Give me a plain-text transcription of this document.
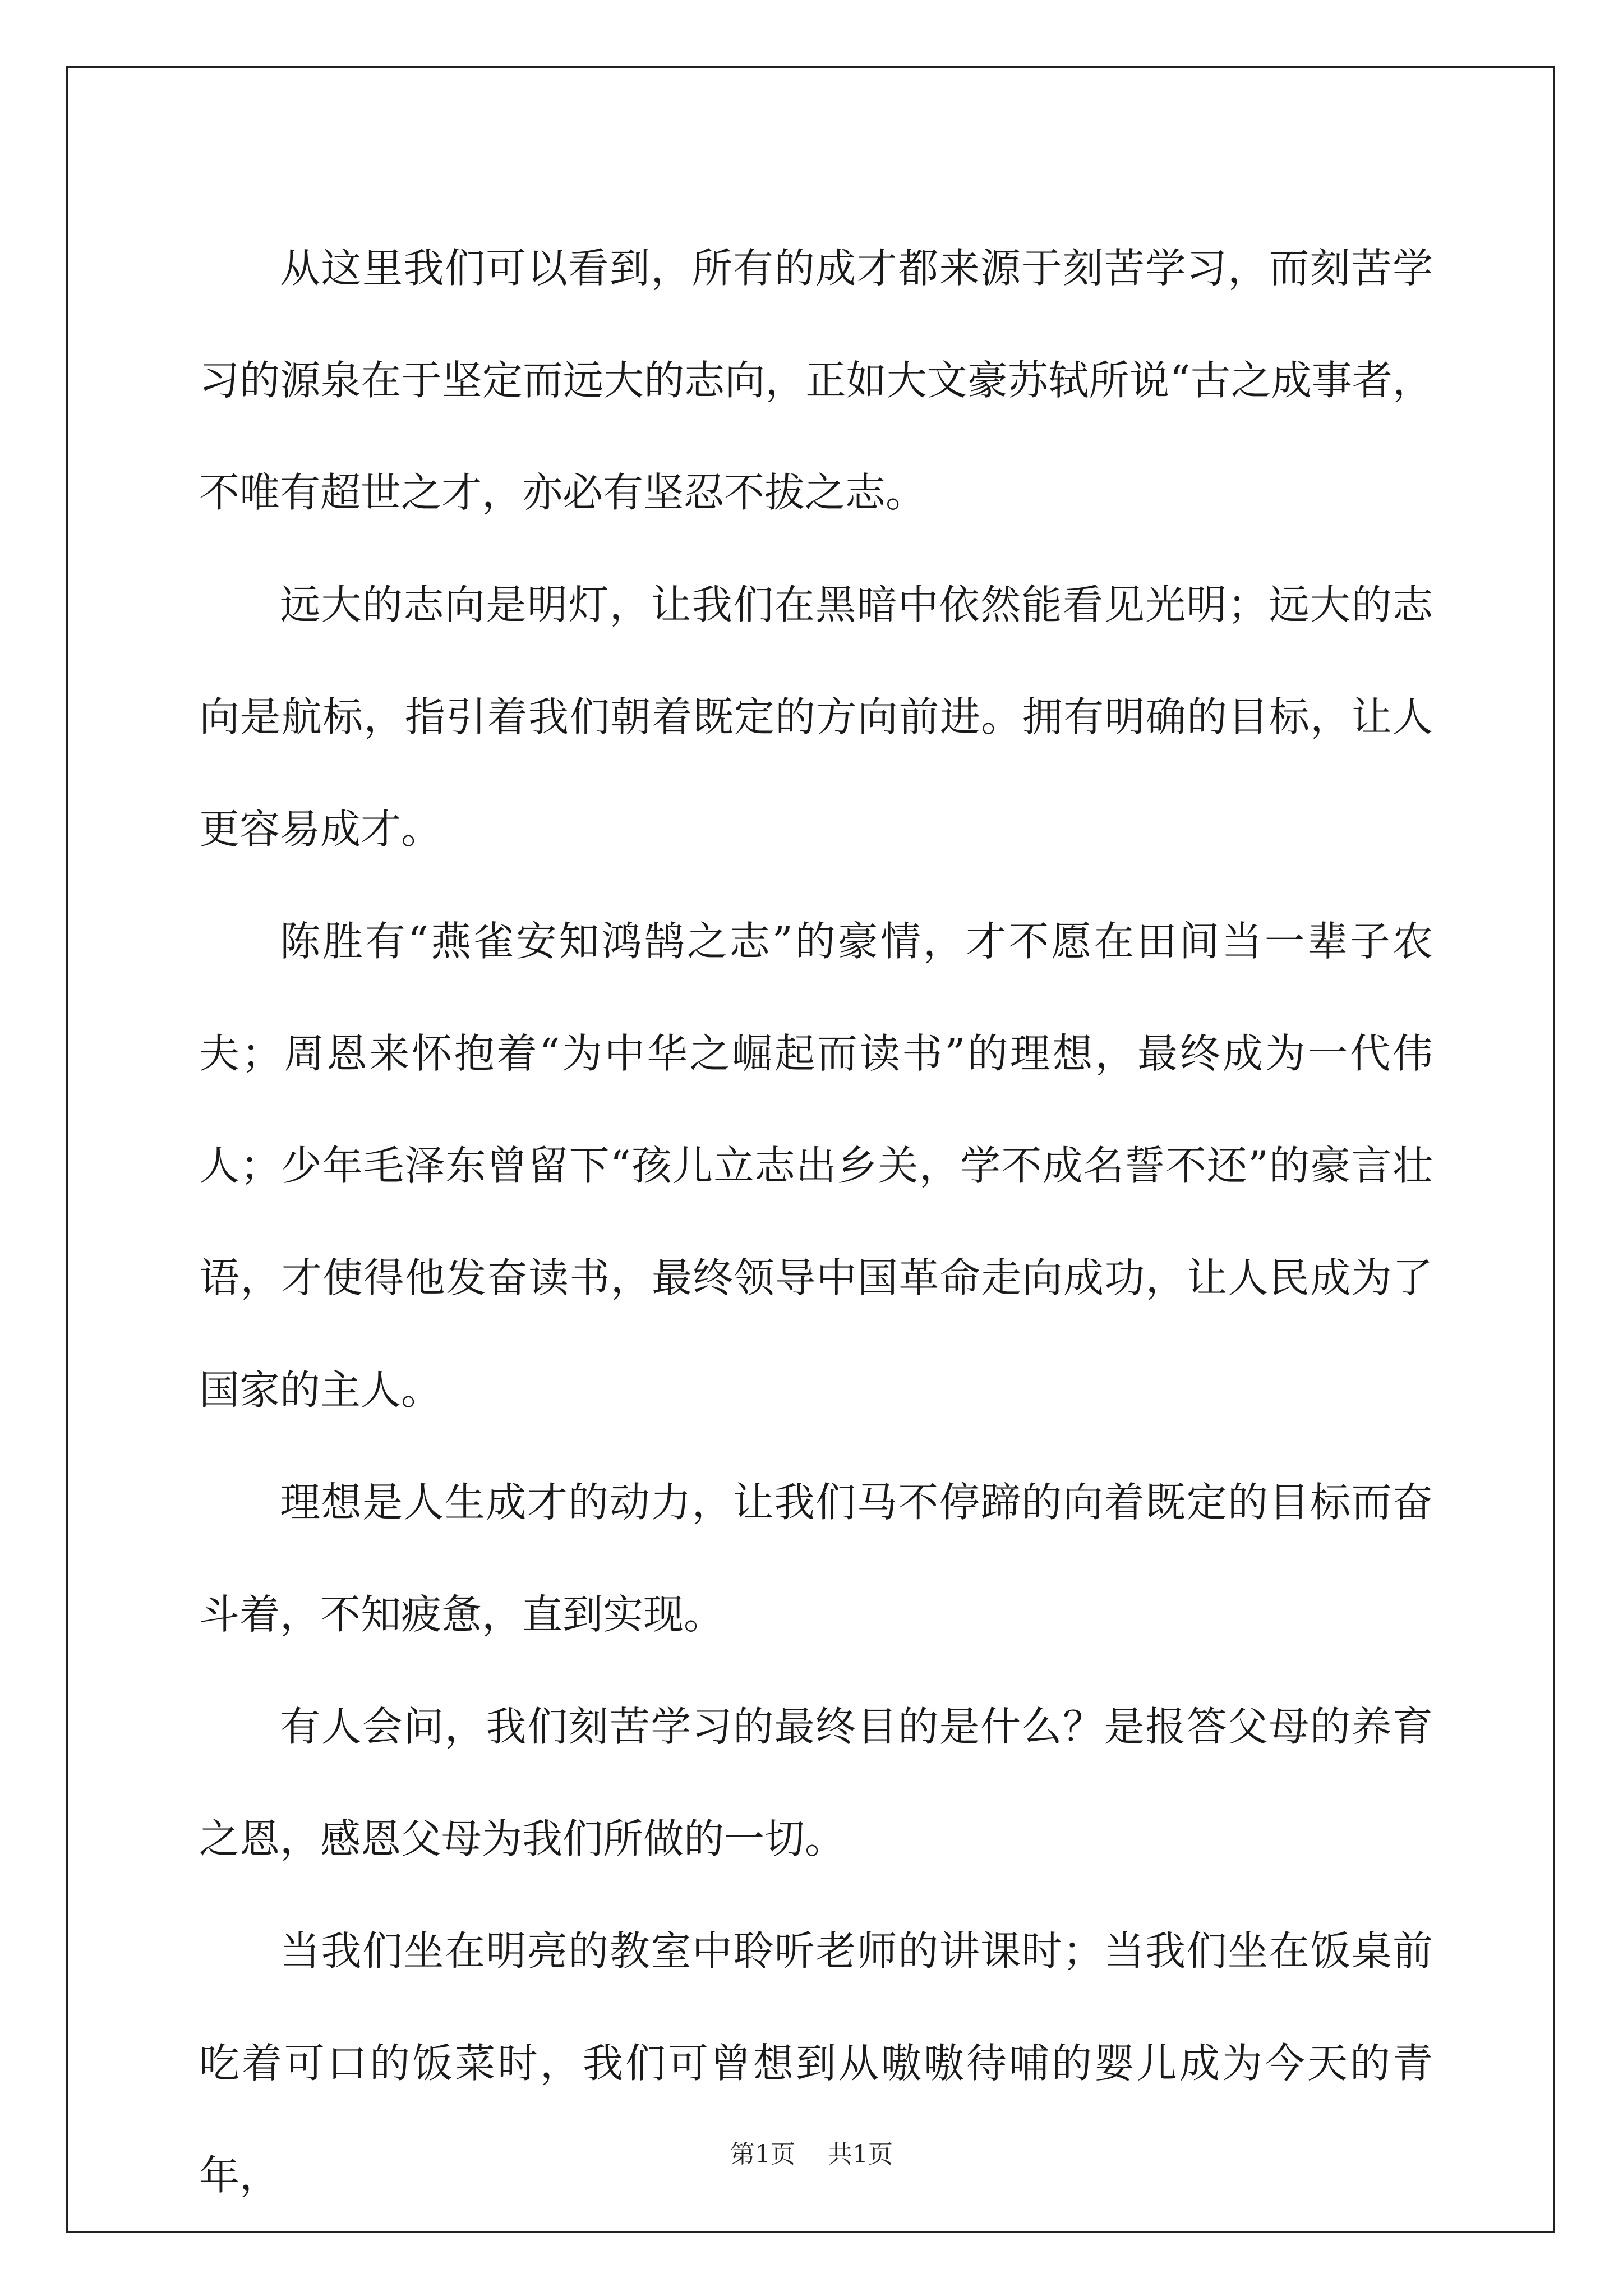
从这里我们可以看到，所有的成才都来源于刻苦学习，而刻苦学习的源泉在于坚定而远大的志向，正如大文豪苏轼所说“古之成事者，不唯有超世之才，亦必有坚忍不拔之志。

远大的志向是明灯，让我们在黑暗中依然能看见光明；远大的志向是航标，指引着我们朝着既定的方向前进。拥有明确的目标，让人更容易成才。

陈胜有“燕雀安知鸿鹄之志”的豪情，才不愿在田间当一辈子农夫；周恩来怀抱着“为中华之崛起而读书”的理想，最终成为一代伟人；少年毛泽东曾留下“孩儿立志出乡关，学不成名誓不还”的豪言壮语，才使得他发奋读书，最终领导中国革命走向成功，让人民成为了国家的主人。

理想是人生成才的动力，让我们马不停蹄的向着既定的目标而奋斗着，不知疲惫，直到实现。

有人会问，我们刻苦学习的最终目的是什么？是报答父母的养育之恩，感恩父母为我们所做的一切。

当我们坐在明亮的教室中聆听老师的讲课时；当我们坐在饭桌前吃着可口的饭菜时，我们可曾想到从嗷嗷待哺的婴儿成为今天的青年，	第1页 共1页
